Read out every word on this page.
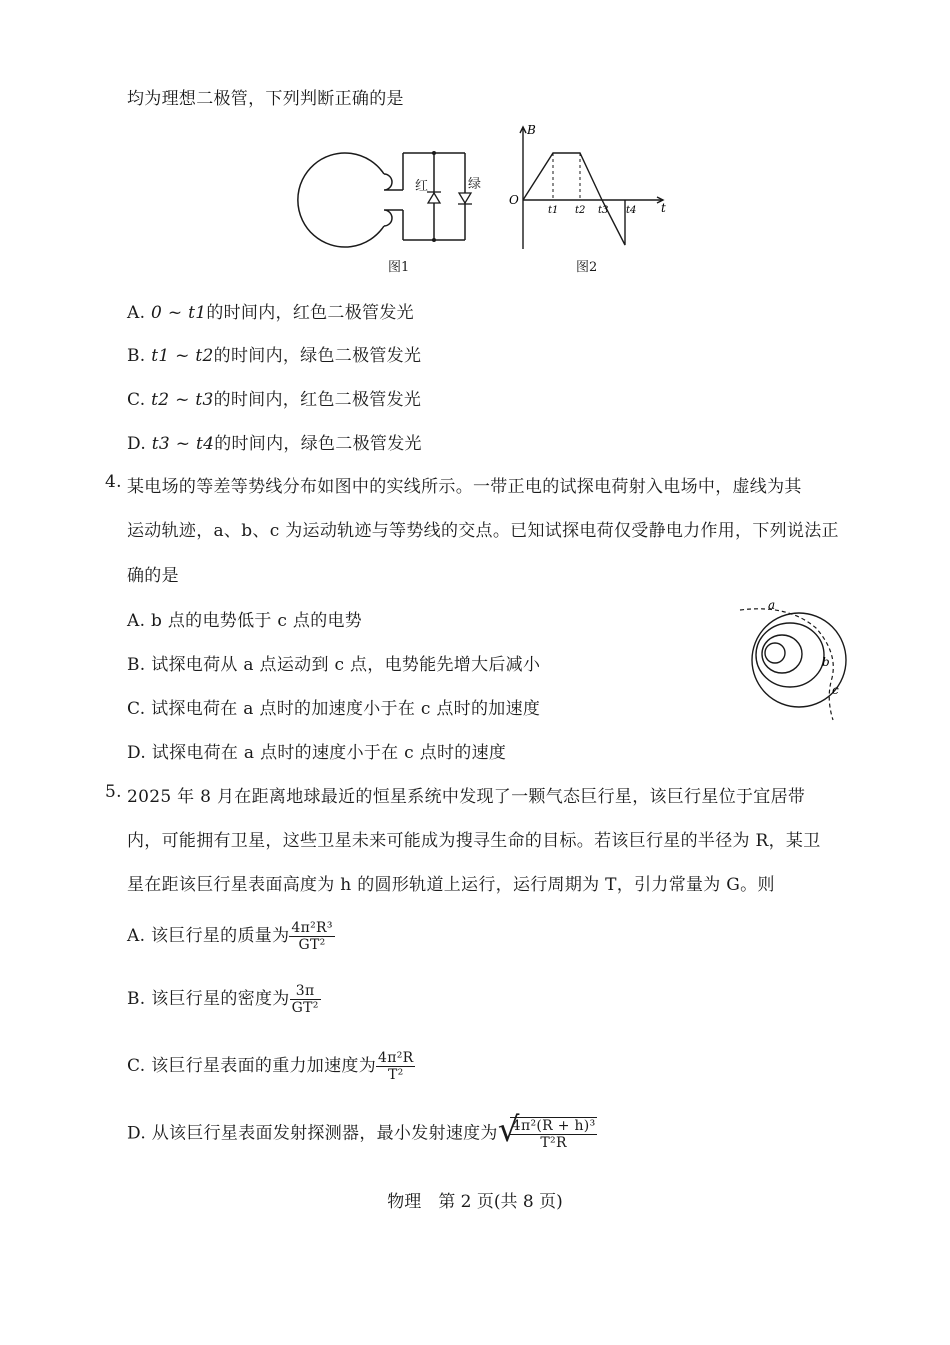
均为理想二极管，下列判断正确的是
红	绿
图1
B
t
O
t1 t2 t3 t4
图2
A. 0 ~ t1的时间内，红色二极管发光
B. t1 ~ t2的时间内，绿色二极管发光
C. t2 ~ t3的时间内，红色二极管发光
D. t3 ~ t4的时间内，绿色二极管发光
4. 某电场的等差等势线分布如图中的实线所示。一带正电的试探电荷射入电场中，虚线为其
运动轨迹，a、b、c 为运动轨迹与等势线的交点。已知试探电荷仅受静电力作用，下列说法正
确的是
A. b 点的电势低于 c 点的电势
B. 试探电荷从 a 点运动到 c 点，电势能先增大后减小
C. 试探电荷在 a 点时的加速度小于在 c 点时的加速度
D. 试探电荷在 a 点时的速度小于在 c 点时的速度
a
b
c
5. 2025 年 8 月在距离地球最近的恒星系统中发现了一颗气态巨行星，该巨行星位于宜居带
内，可能拥有卫星，这些卫星未来可能成为搜寻生命的目标。若该巨行星的半径为 R，某卫
星在距该巨行星表面高度为 h 的圆形轨道上运行，运行周期为 T，引力常量为 G。则
A. 该巨行星的质量为 $\frac{\text{4π²R³}}{\text{GT²}}$
B. 该巨行星的密度为 $\frac{3\pi}{\text{GT²}}$
C. 该巨行星表面的重力加速度为 $\frac{\text{4π²R}}{\text{T²}}$
D. 从该巨行星表面发射探测器，最小发射速度为 √
$\frac{\text{4π²(R + h)³}}{\text{T²R}}$
物理　第 2 页(共 8 页)
